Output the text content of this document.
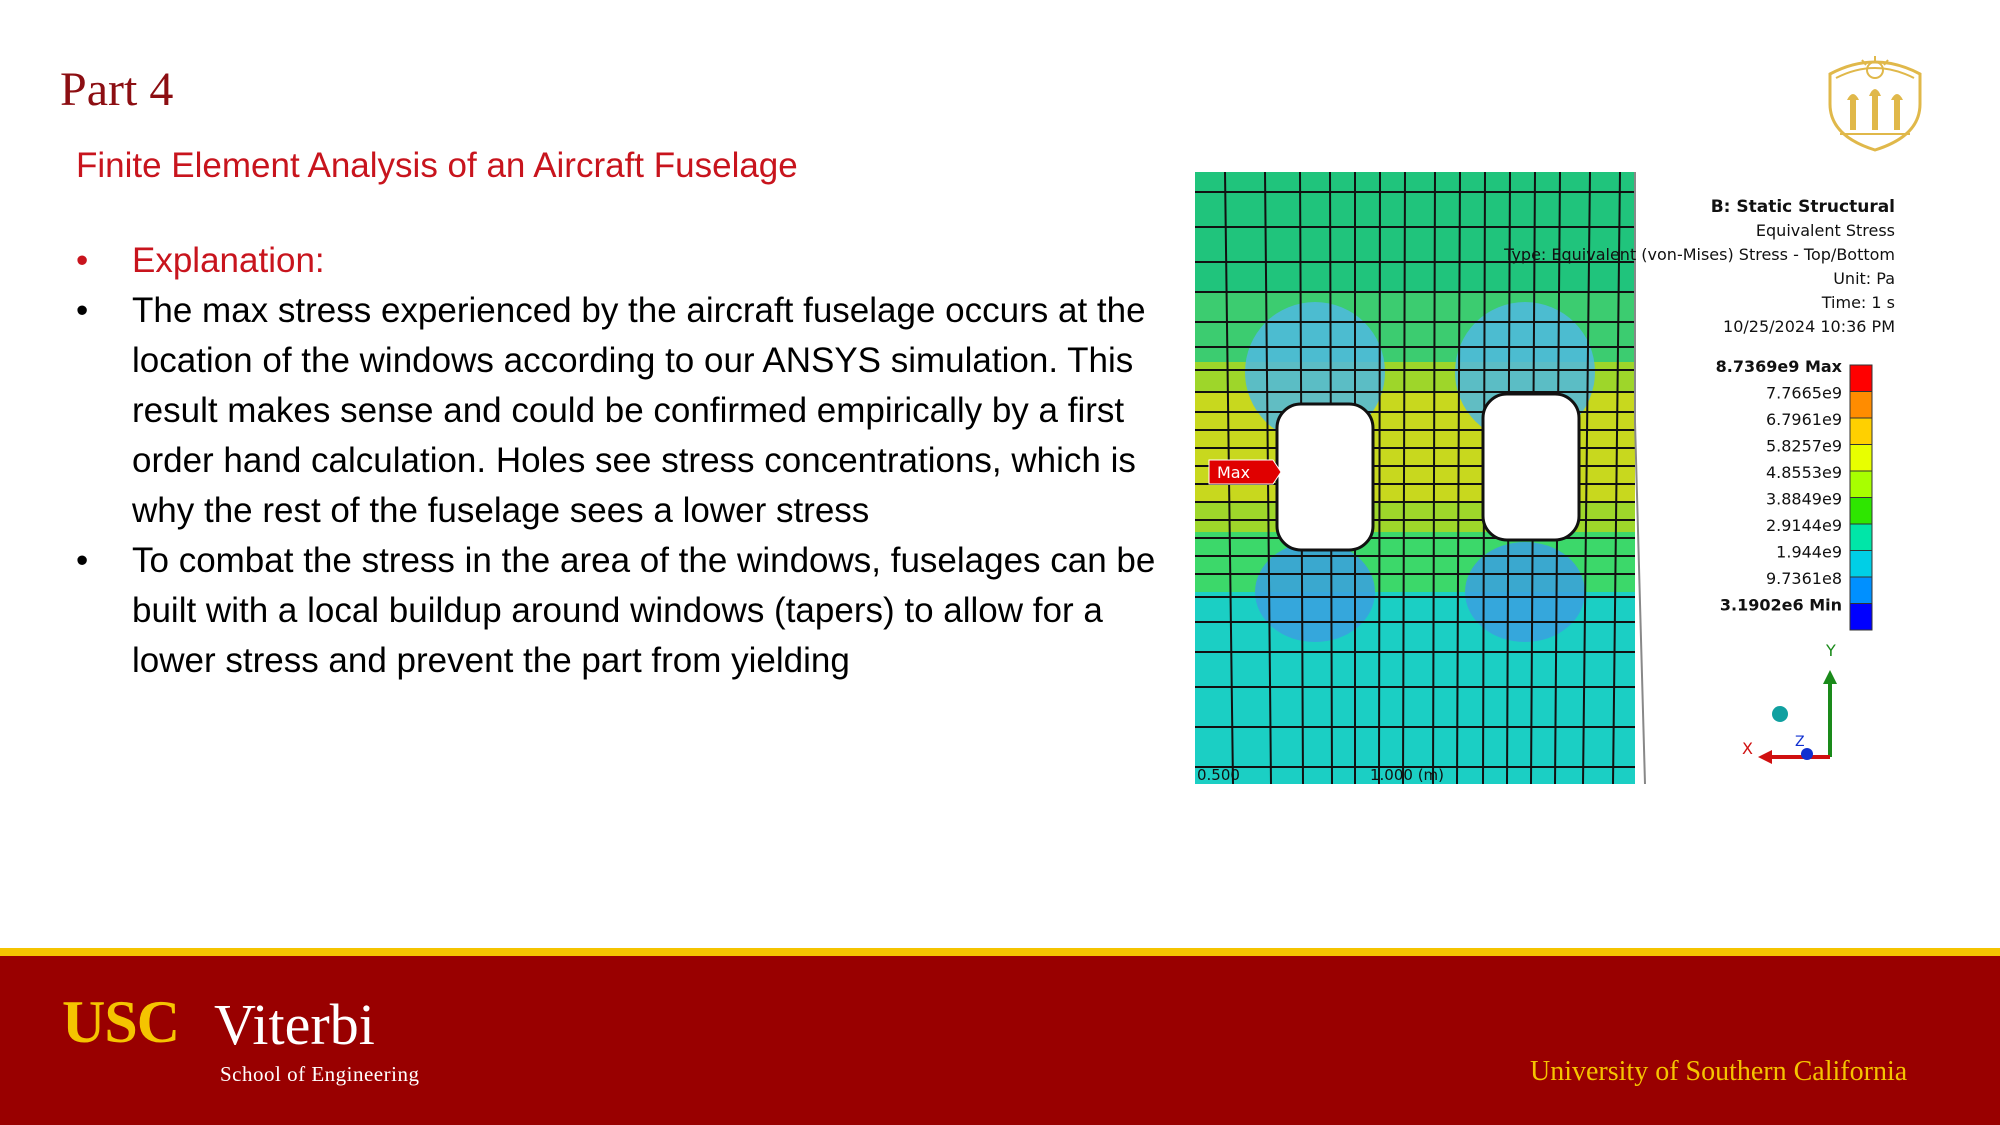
Part 4
Finite Element Analysis of an Aircraft Fuselage
• Explanation:
• The max stress experienced by the aircraft fuselage occurs at the location of the windows according to our ANSYS simulation. This result makes sense and could be confirmed empirically by a first order hand calculation. Holes see stress concentrations, which is why the rest of the fuselage sees a lower stress
• To combat the stress in the area of the windows, fuselages can be built with a local buildup around windows (tapers) to allow for a lower stress and prevent the part from yielding
Max
B: Static Structural
Equivalent Stress
Type: Equivalent (von-Mises) Stress - Top/Bottom
Unit: Pa
Time: 1 s
10/25/2024 10:36 PM
8.7369e9 Max
7.7665e9
6.7961e9
5.8257e9
4.8553e9
3.8849e9
2.9144e9
1.944e9
9.7361e8
3.1902e6 Min
0.500	1.000 (m)
Y
X	Z
USC Viterbi
School of Engineering	University of Southern California
